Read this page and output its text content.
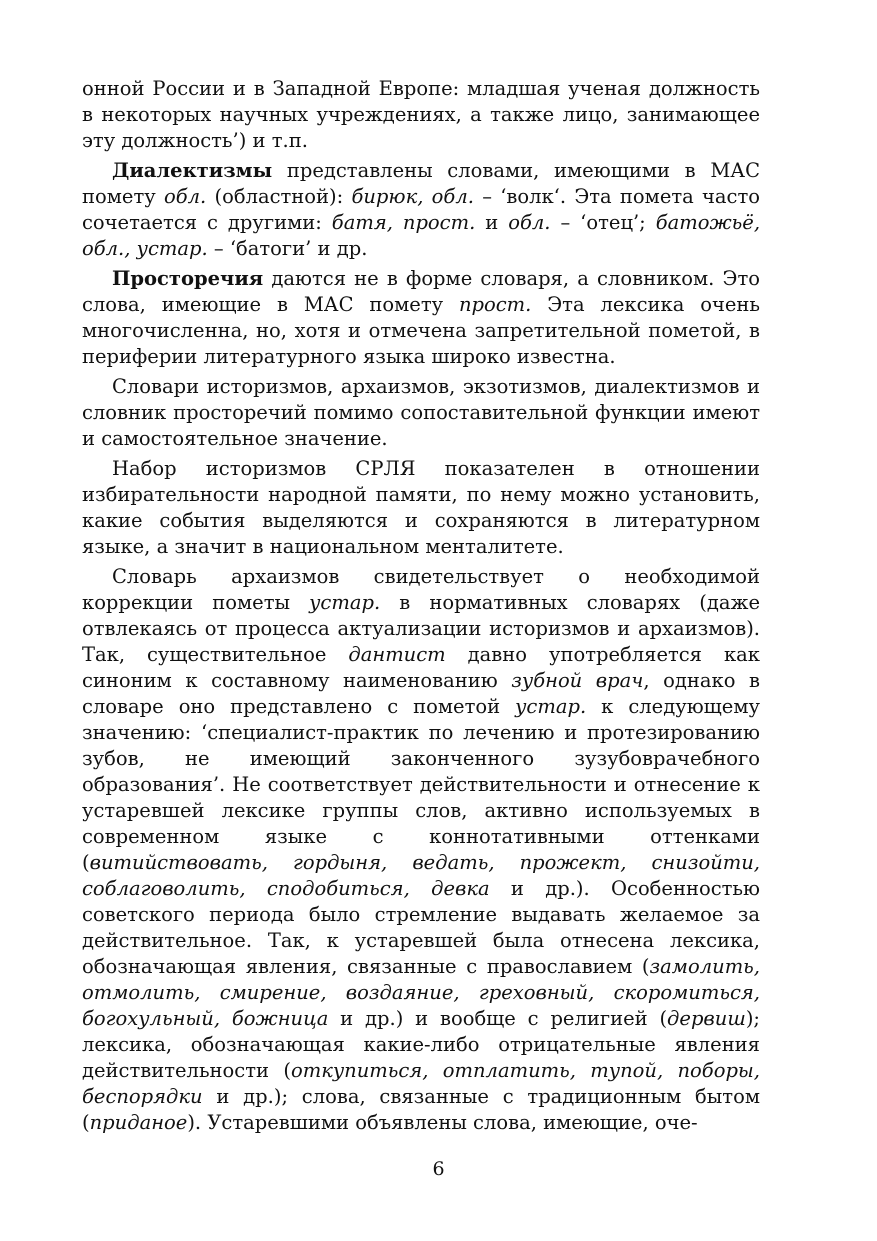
онной России и в Западной Европе: младшая ученая должность в некоторых научных учреждениях, а также лицо, занимающее эту должность’) и т.п.

Диалектизмы представлены словами, имеющими в МАС помету обл. (областной): бирюк, обл. – ‘волк‘. Эта помета часто сочетается с другими: батя, прост. и обл. – ‘отец’; батожьё, обл., устар. – ‘батоги’ и др.

Просторечия даются не в форме словаря, а словником. Это слова, имеющие в МАС помету прост. Эта лексика очень многочисленна, но, хотя и отмечена запретительной пометой, в периферии литературного языка широко известна.

Словари историзмов, архаизмов, экзотизмов, диалектизмов и словник просторечий помимо сопоставительной функции имеют и самостоятельное значение.

Набор историзмов СРЛЯ показателен в отношении избирательности народной памяти, по нему можно установить, какие события выделяются и сохраняются в литературном языке, а значит в национальном менталитете.

Словарь архаизмов свидетельствует о необходимой коррекции пометы устар. в нормативных словарях (даже отвлекаясь от процесса актуализации историзмов и архаизмов). Так, существительное дантист давно употребляется как синоним к составному наименованию зубной врач, однако в словаре оно представлено с пометой устар. к следующему значению: ‘специалист-практик по лечению и протезированию зубов, не имеющий законченного зузубоврачебного образования’. Не соответствует действительности и отнесение к устаревшей лексике группы слов, активно используемых в современном языке с коннотативными оттенками (витийствовать, гордыня, ведать, прожект, снизойти, соблаговолить, сподобиться, девка и др.). Особенностью советского периода было стремление выдавать желаемое за действительное. Так, к устаревшей была отнесена лексика, обозначающая явления, связанные с православием (замолить, отмолить, смирение, воздаяние, греховный, скоромиться, богохульный, божница и др.) и вообще с религией (дервиш); лексика, обозначающая какие-либо отрицательные явления действительности (откупиться, отплатить, тупой, поборы, беспорядки и др.); слова, связанные с традиционным бытом (приданое). Устаревшими объявлены слова, имеющие, оче-

6
